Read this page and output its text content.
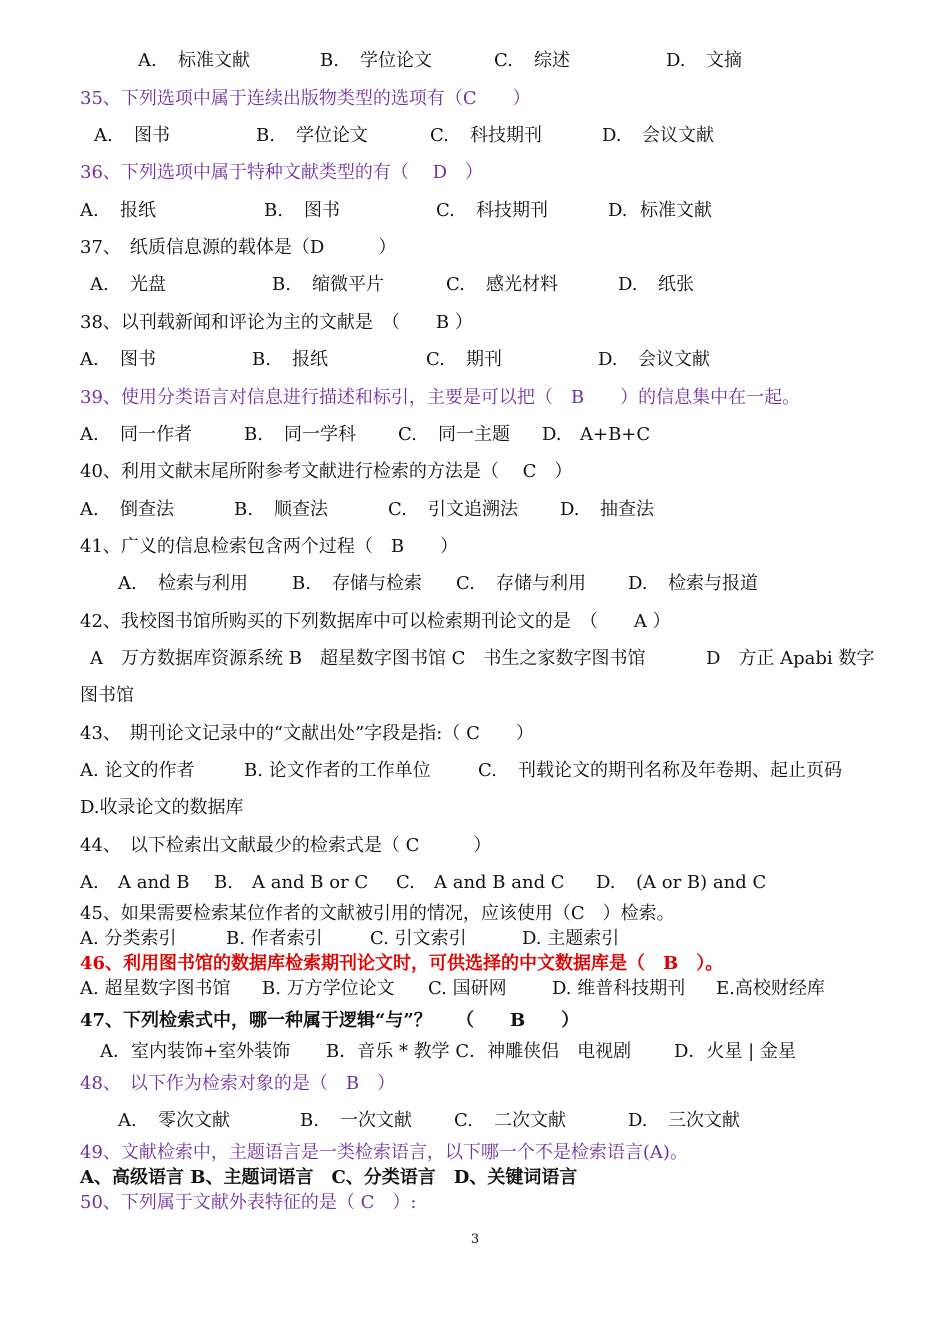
A. 标准文献	B. 学位论文	C. 综述	D. 文摘
35、下列选项中属于连续出版物类型的选项有（C　　）
A. 图书	B. 学位论文	C. 科技期刊	D. 会议文献
36、下列选项中属于特种文献类型的有（　 D　）
A. 报纸	B. 图书	C. 科技期刊	D. 标准文献
37、　纸质信息源的载体是（D　　　）
A. 光盘	B. 缩微平片	C. 感光材料	D. 纸张
38、以刊载新闻和评论为主的文献是　（　　B ）
A. 图书	B. 报纸	C. 期刊	D. 会议文献
39、使用分类语言对信息进行描述和标引，主要是可以把（　B　　）的信息集中在一起。
A. 同一作者	B. 同一学科 C. 同一主题 D. A+B+C
40、利用文献末尾所附参考文献进行检索的方法是（　 C　）
A. 倒查法	B. 顺查法	C. 引文追溯法 D. 抽查法
41、广义的信息检索包含两个过程（　B　　）
A. 检索与利用 B. 存储与检索 C. 存储与利用 D. 检索与报道
42、我校图书馆所购买的下列数据库中可以检索期刊论文的是　（　　A ）
A　万方数据库资源系统 B　超星数字图书馆 C　书生之家数字图书馆	D　方正 Apabi 数字
图书馆
43、　期刊论文记录中的“文献出处”字段是指:（ C　　）
A. 论文的作者	B. 论文作者的工作单位	C. 刊载论文的期刊名称及年卷期、起止页码
D.收录论文的数据库
44、　以下检索出文献最少的检索式是（ C　　　）
A. A and B B. A and B or C C. A and B and C D. (A or B) and C
45、如果需要检索某位作者的文献被引用的情况，应该使用（C　）检索。
A. 分类索引	B. 作者索引	C. 引文索引	D. 主题索引
46、利用图书馆的数据库检索期刊论文时，可供选择的中文数据库是（　B　）。
A. 超星数字图书馆 B. 万方学位论文 C. 国研网	D. 维普科技期刊 E.高校财经库
47、下列检索式中，哪一种属于逻辑“与”？　 （　　B　　）
A．室内装饰+室外装饰 B．音乐 * 教学 C．神雕侠侣　电视剧 D．火星 | 金星
48、　以下作为检索对象的是（　B　）
A. 零次文献	B. 一次文献 C. 二次文献	D. 三次文献
49、文献检索中，主题语言是一类检索语言，以下哪一个不是检索语言(A)。
A、高级语言 B、主题词语言　C、分类语言　D、关键词语言
50、下列属于文献外表特征的是（ C　）:
3
